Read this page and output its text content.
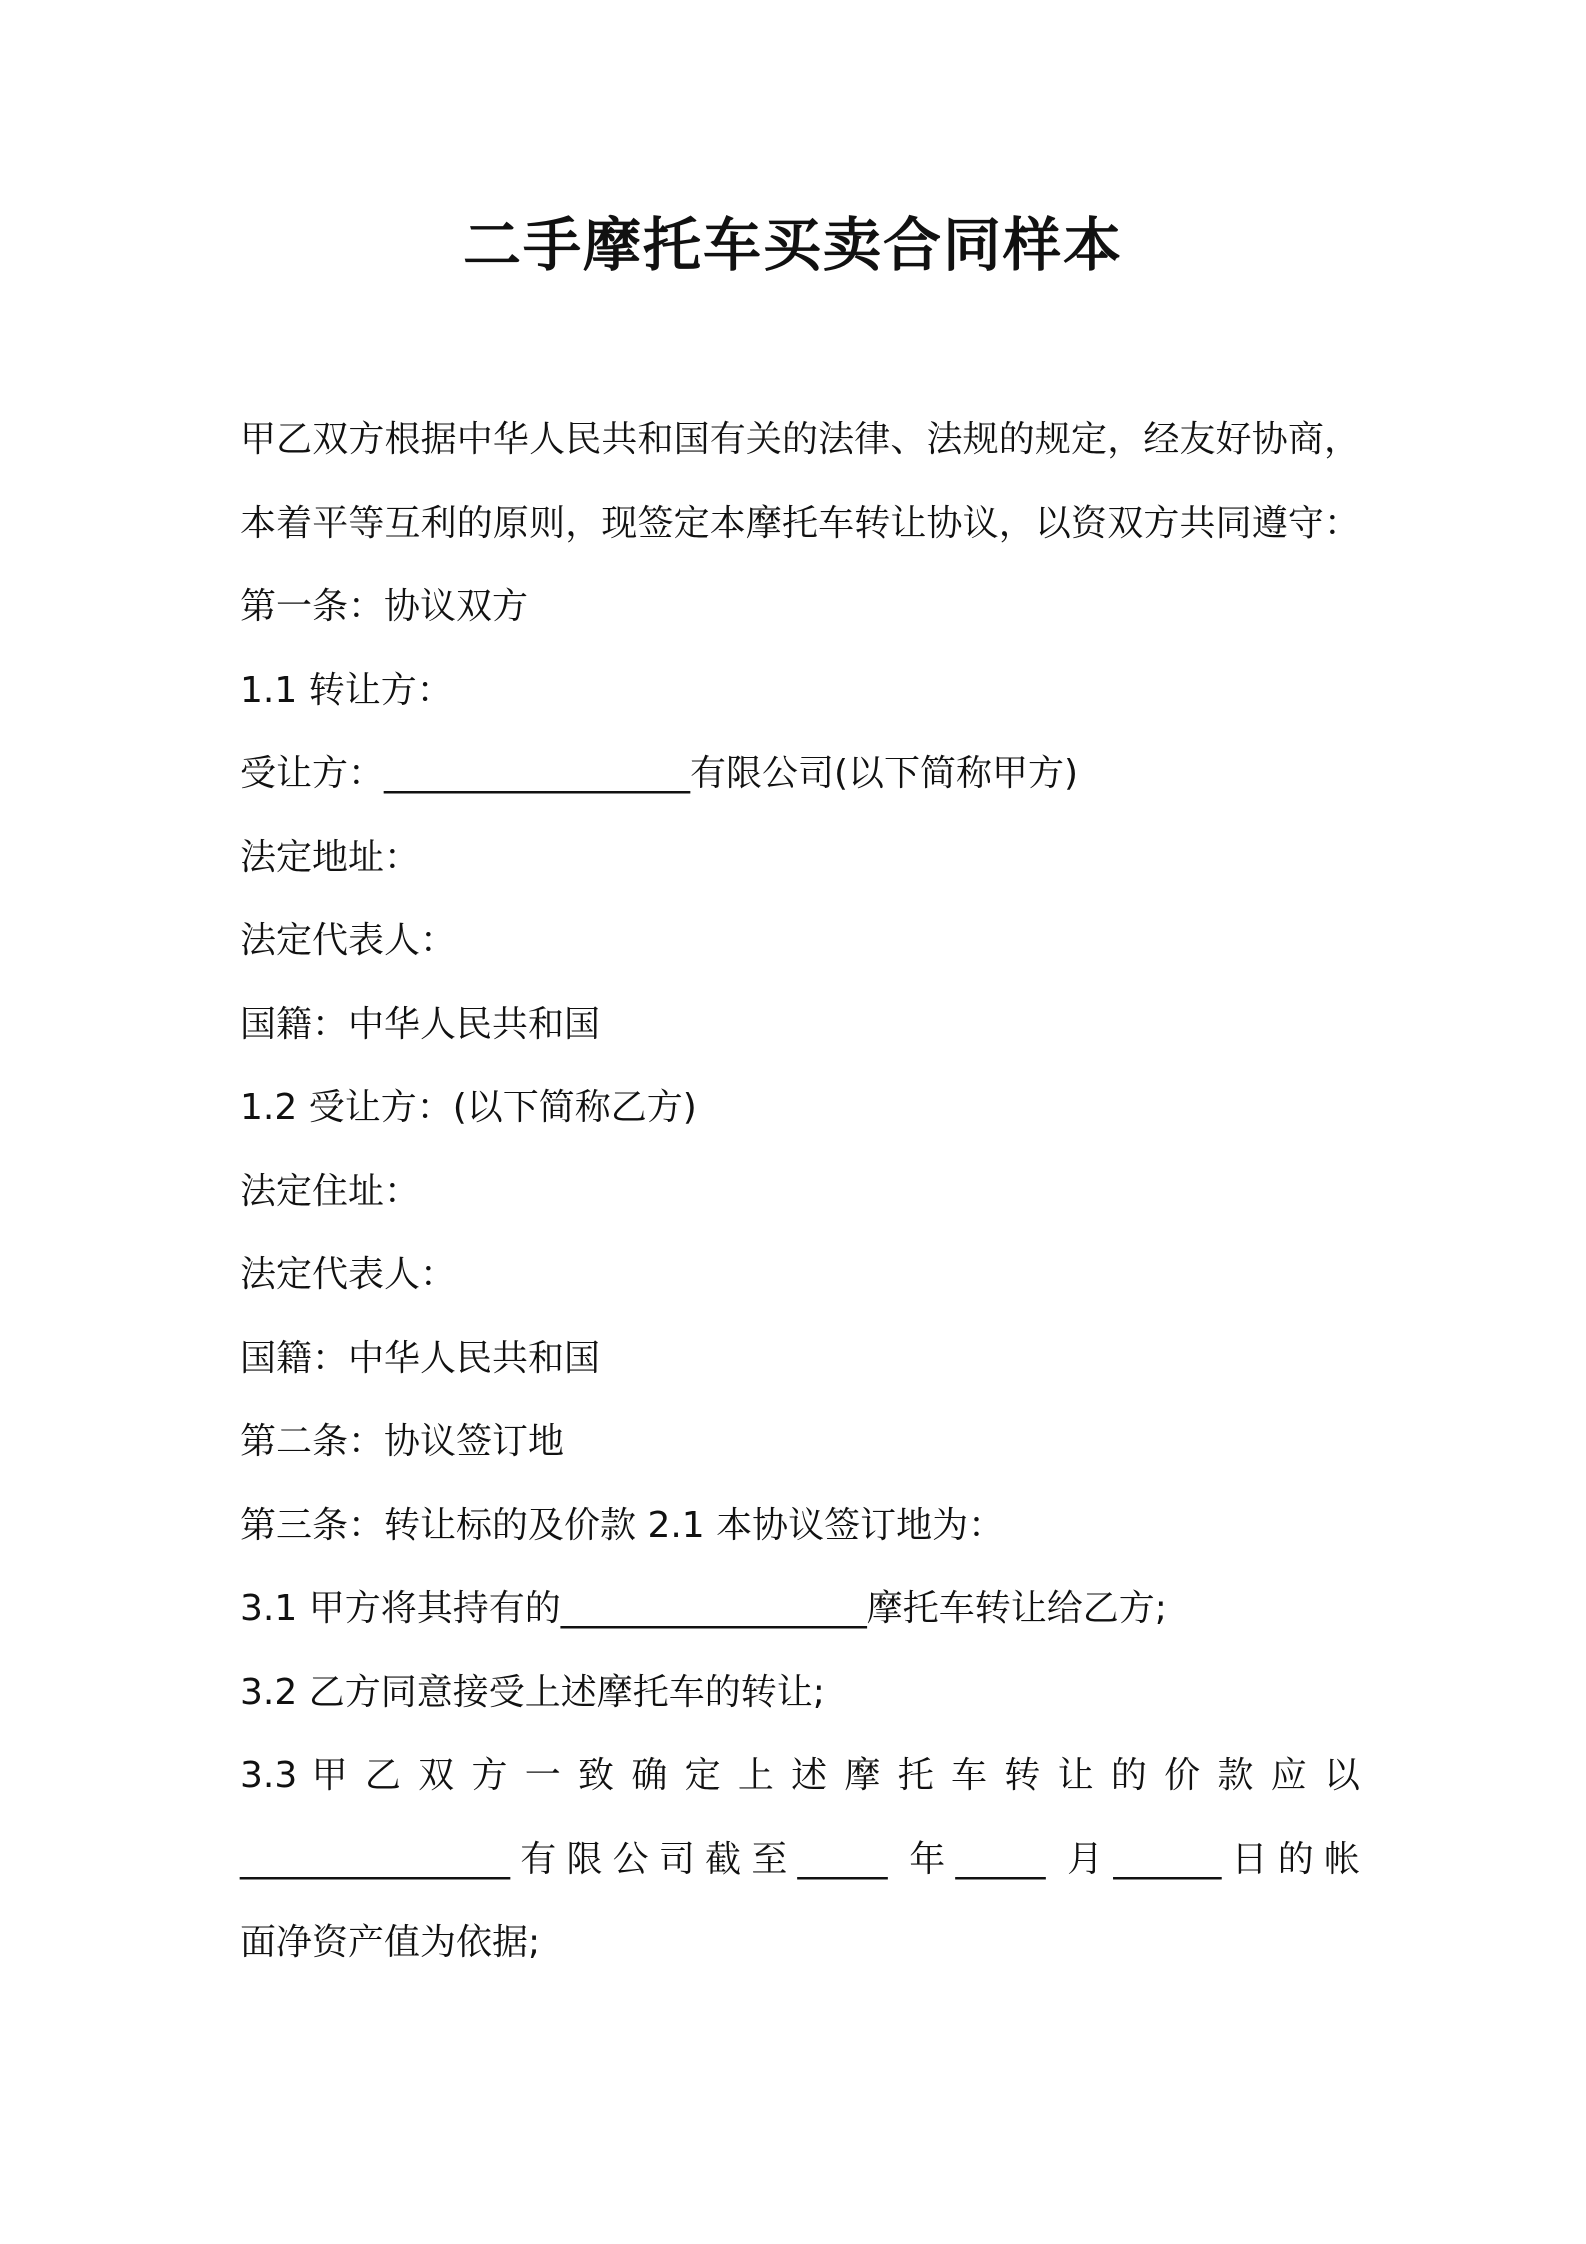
二手摩托车买卖合同样本
甲乙双方根据中华人民共和国有关的法律、法规的规定，经友好协商，
本着平等互利的原则，现签定本摩托车转让协议，以资双方共同遵守：
第一条：协议双方
1.1 转让方：
受让方：_________________有限公司(以下简称甲方)
法定地址：
法定代表人：
国籍：中华人民共和国
1.2 受让方：(以下简称乙方)
法定住址：
法定代表人：
国籍：中华人民共和国
第二条：协议签订地
第三条：转让标的及价款 2.1 本协议签订地为：
3.1 甲方将其持有的_________________摩托车转让给乙方;
3.2 乙方同意接受上述摩托车的转让;
3.3 甲 乙 双 方 一 致 确 定 上 述 摩 托 车 转 让 的 价 款 应 以
_______________有限公司截至_____ 年_____ 月______日的帐
面净资产值为依据;
